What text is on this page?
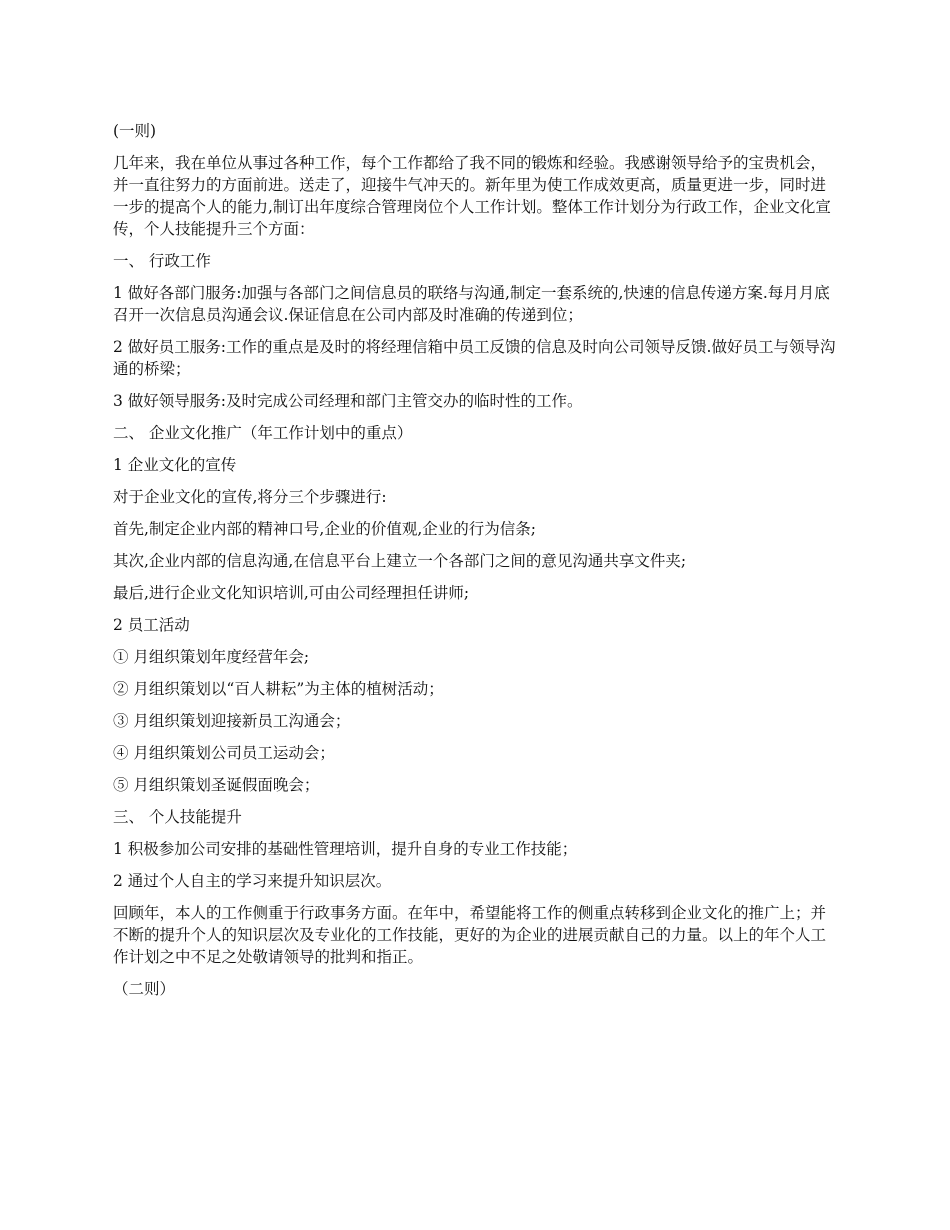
(一则)

几年来，我在单位从事过各种工作，每个工作都给了我不同的锻炼和经验。我感谢领导给予的宝贵机会，并一直往努力的方面前进。送走了，迎接牛气冲天的。新年里为使工作成效更高，质量更进一步，同时进一步的提高个人的能力,制订出年度综合管理岗位个人工作计划。整体工作计划分为行政工作，企业文化宣传，个人技能提升三个方面：

一、 行政工作

1 做好各部门服务:加强与各部门之间信息员的联络与沟通,制定一套系统的,快速的信息传递方案.每月月底召开一次信息员沟通会议.保证信息在公司内部及时准确的传递到位；

2 做好员工服务:工作的重点是及时的将经理信箱中员工反馈的信息及时向公司领导反馈.做好员工与领导沟通的桥梁；

3 做好领导服务:及时完成公司经理和部门主管交办的临时性的工作。

二、 企业文化推广（年工作计划中的重点）

1 企业文化的宣传

对于企业文化的宣传,将分三个步骤进行:

首先,制定企业内部的精神口号,企业的价值观,企业的行为信条;

其次,企业内部的信息沟通,在信息平台上建立一个各部门之间的意见沟通共享文件夹;

最后,进行企业文化知识培训,可由公司经理担任讲师;

2 员工活动

① 月组织策划年度经营年会;

② 月组织策划以“百人耕耘”为主体的植树活动；

③ 月组织策划迎接新员工沟通会；

④ 月组织策划公司员工运动会；

⑤ 月组织策划圣诞假面晚会；

三、 个人技能提升

1 积极参加公司安排的基础性管理培训，提升自身的专业工作技能；

2 通过个人自主的学习来提升知识层次。

回顾年，本人的工作侧重于行政事务方面。在年中，希望能将工作的侧重点转移到企业文化的推广上；并不断的提升个人的知识层次及专业化的工作技能，更好的为企业的进展贡献自己的力量。以上的年个人工作计划之中不足之处敬请领导的批判和指正。

（二则）
